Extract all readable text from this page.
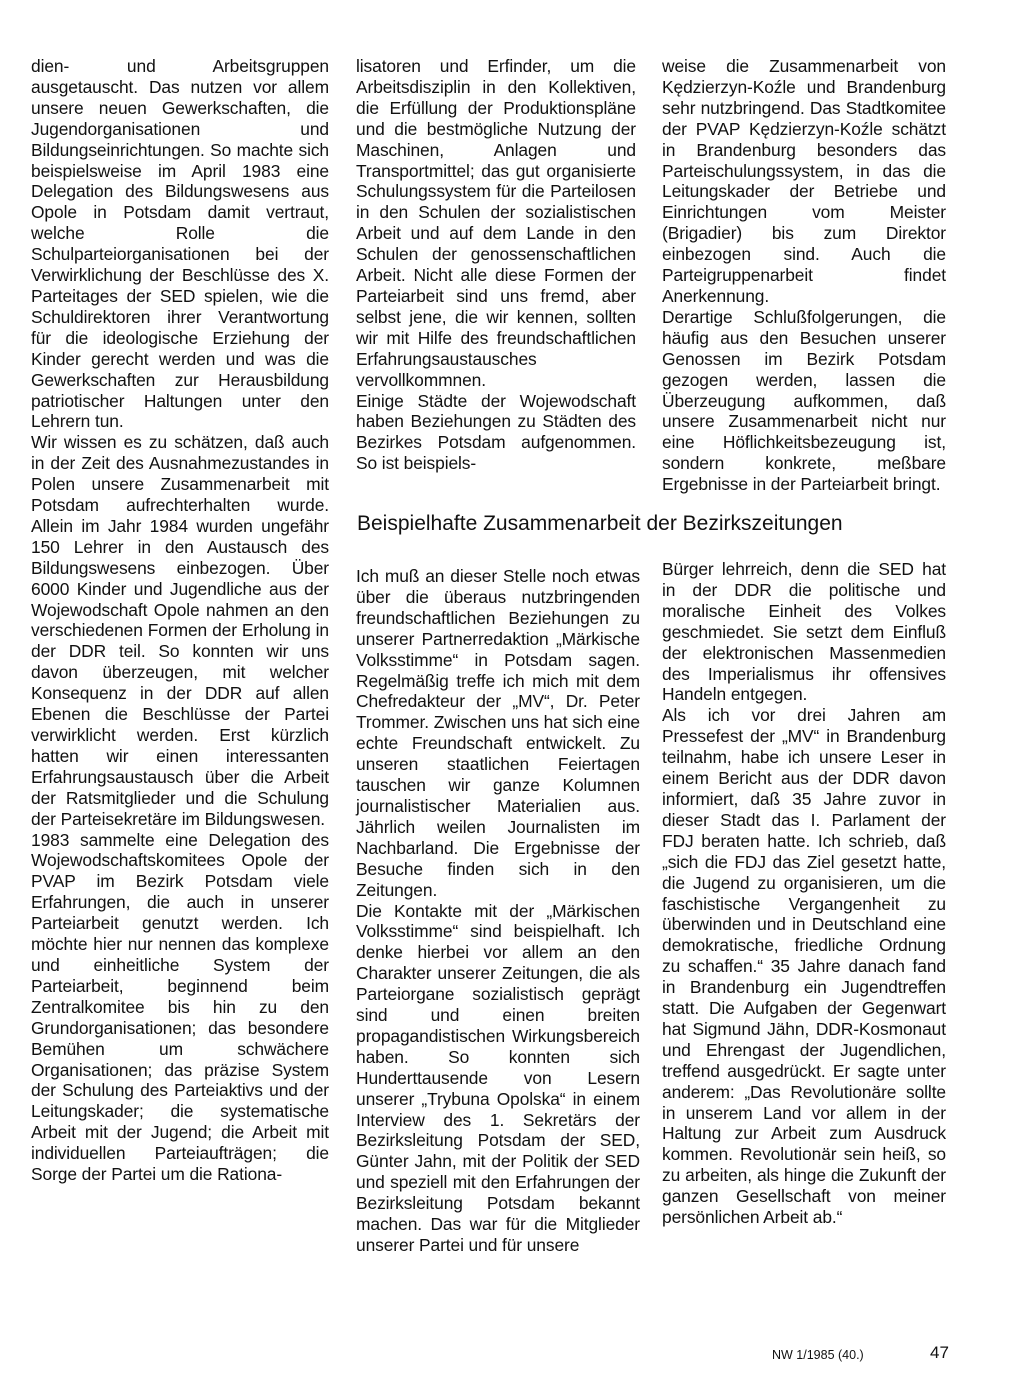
dien- und Arbeitsgruppen ausgetauscht. Das nutzen vor allem unsere neuen Gewerkschaften, die Jugendorganisationen und Bildungseinrichtungen. So machte sich beispielsweise im April 1983 eine Delegation des Bildungswesens aus Opole in Potsdam damit vertraut, welche Rolle die Schulparteiorganisationen bei der Verwirklichung der Beschlüsse des X. Parteitages der SED spielen, wie die Schuldirektoren ihrer Verantwortung für die ideologische Erziehung der Kinder gerecht werden und was die Gewerkschaften zur Herausbildung patriotischer Haltungen unter den Lehrern tun.

Wir wissen es zu schätzen, daß auch in der Zeit des Ausnahmezustandes in Polen unsere Zusammenarbeit mit Potsdam aufrechterhalten wurde. Allein im Jahr 1984 wurden ungefähr 150 Lehrer in den Austausch des Bildungswesens einbezogen. Über 6000 Kinder und Jugendliche aus der Wojewodschaft Opole nahmen an den verschiedenen Formen der Erholung in der DDR teil. So konnten wir uns davon überzeugen, mit welcher Konsequenz in der DDR auf allen Ebenen die Beschlüsse der Partei verwirklicht werden. Erst kürzlich hatten wir einen interessanten Erfahrungsaustausch über die Arbeit der Ratsmitglieder und die Schulung der Parteisekretäre im Bildungswesen.

1983 sammelte eine Delegation des Wojewodschaftskomitees Opole der PVAP im Bezirk Potsdam viele Erfahrungen, die auch in unserer Parteiarbeit genutzt werden. Ich möchte hier nur nennen das komplexe und einheitliche System der Parteiarbeit, beginnend beim Zentralkomitee bis hin zu den Grundorganisationen; das besondere Bemühen um schwächere Organisationen; das präzise System der Schulung des Parteiaktivs und der Leitungskader; die systematische Arbeit mit der Jugend; die Arbeit mit individuellen Parteiaufträgen; die Sorge der Partei um die Rationa-

lisatoren und Erfinder, um die Arbeitsdisziplin in den Kollektiven, die Erfüllung der Produktionspläne und die bestmögliche Nutzung der Maschinen, Anlagen und Transportmittel; das gut organisierte Schulungssystem für die Parteilosen in den Schulen der sozialistischen Arbeit und auf dem Lande in den Schulen der genossenschaftlichen Arbeit. Nicht alle diese Formen der Parteiarbeit sind uns fremd, aber selbst jene, die wir kennen, sollten wir mit Hilfe des freundschaftlichen Erfahrungsaustausches vervollkommnen.

Einige Städte der Wojewodschaft haben Beziehungen zu Städten des Bezirkes Potsdam aufgenommen. So ist beispiels-

weise die Zusammenarbeit von Kędzierzyn-Koźle und Brandenburg sehr nutzbringend. Das Stadtkomitee der PVAP Kędzierzyn-Koźle schätzt in Brandenburg besonders das Parteischulungssystem, in das die Leitungskader der Betriebe und Einrichtungen vom Meister (Brigadier) bis zum Direktor einbezogen sind. Auch die Parteigruppenarbeit findet Anerkennung.

Derartige Schlußfolgerungen, die häufig aus den Besuchen unserer Genossen im Bezirk Potsdam gezogen werden, lassen die Überzeugung aufkommen, daß unsere Zusammenarbeit nicht nur eine Höflichkeitsbezeugung ist, sondern konkrete, meßbare Ergebnisse in der Parteiarbeit bringt.

Beispielhafte Zusammenarbeit der Bezirkszeitungen

Ich muß an dieser Stelle noch etwas über die überaus nutzbringenden freundschaftlichen Beziehungen zu unserer Partnerredaktion „Märkische Volksstimme“ in Potsdam sagen. Regelmäßig treffe ich mich mit dem Chefredakteur der „MV“, Dr. Peter Trommer. Zwischen uns hat sich eine echte Freundschaft entwickelt. Zu unseren staatlichen Feiertagen tauschen wir ganze Kolumnen journalistischer Materialien aus. Jährlich weilen Journalisten im Nachbarland. Die Ergebnisse der Besuche finden sich in den Zeitungen.

Die Kontakte mit der „Märkischen Volksstimme“ sind beispielhaft. Ich denke hierbei vor allem an den Charakter unserer Zeitungen, die als Parteiorgane sozialistisch geprägt sind und einen breiten propagandistischen Wirkungsbereich haben. So konnten sich Hunderttausende von Lesern unserer „Trybuna Opolska“ in einem Interview des 1. Sekretärs der Bezirksleitung Potsdam der SED, Günter Jahn, mit der Politik der SED und speziell mit den Erfahrungen der Bezirksleitung Potsdam bekannt machen. Das war für die Mitglieder unserer Partei und für unsere

Bürger lehrreich, denn die SED hat in der DDR die politische und moralische Einheit des Volkes geschmiedet. Sie setzt dem Einfluß der elektronischen Massenmedien des Imperialismus ihr offensives Handeln entgegen.

Als ich vor drei Jahren am Pressefest der „MV“ in Brandenburg teilnahm, habe ich unsere Leser in einem Bericht aus der DDR davon informiert, daß 35 Jahre zuvor in dieser Stadt das I. Parlament der FDJ beraten hatte. Ich schrieb, daß „sich die FDJ das Ziel gesetzt hatte, die Jugend zu organisieren, um die faschistische Vergangenheit zu überwinden und in Deutschland eine demokratische, friedliche Ordnung zu schaffen.“ 35 Jahre danach fand in Brandenburg ein Jugendtreffen statt. Die Aufgaben der Gegenwart hat Sigmund Jähn, DDR-Kosmonaut und Ehrengast der Jugendlichen, treffend ausgedrückt. Er sagte unter anderem: „Das Revolutionäre sollte in unserem Land vor allem in der Haltung zur Arbeit zum Ausdruck kommen. Revolutionär sein heiß, so zu arbeiten, als hinge die Zukunft der ganzen Gesellschaft von meiner persönlichen Arbeit ab.“

NW 1/1985 (40.)	47
